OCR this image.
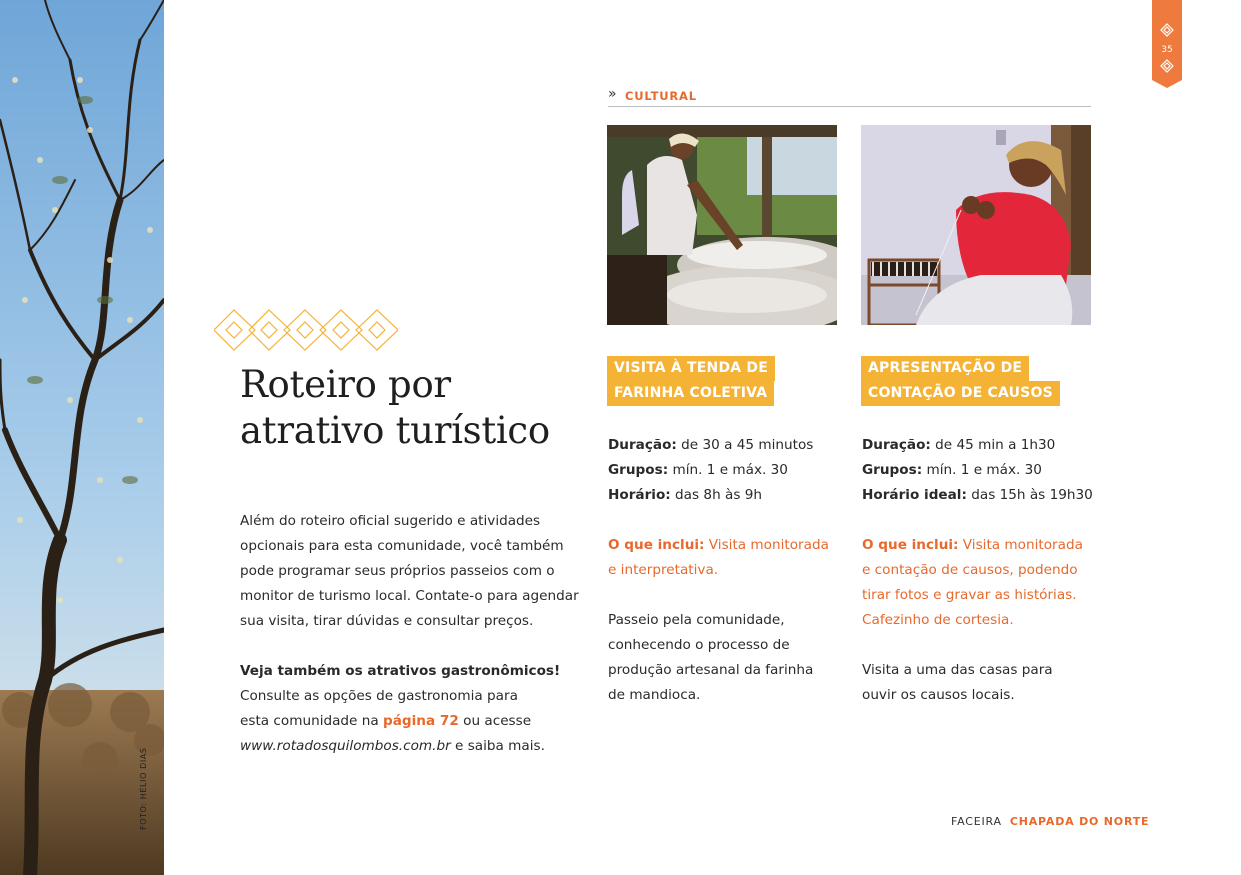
FOTO: HÉLIO DIAS
35
Roteiro por
atrativo turístico

Além do roteiro oficial sugerido e atividades

opcionais para esta comunidade, você também

pode programar seus próprios passeios com o

monitor de turismo local. Contate-o para agendar

sua visita, tirar dúvidas e consultar preços.

Veja também os atrativos gastronômicos!

Consulte as opções de gastronomia para

esta comunidade na página 72 ou acesse

www.rotadosquilombos.com.br e saiba mais.

» CULTURAL
VISITA À TENDA DE
FARINHA COLETIVA
APRESENTAÇÃO DE
CONTAÇÃO DE CAUSOS

Duração: de 30 a 45 minutos

Grupos: mín. 1 e máx. 30

Horário: das 8h às 9h

O que inclui: Visita monitorada

e interpretativa.

Passeio pela comunidade,

conhecendo o processo de

produção artesanal da farinha

de mandioca.

Duração: de 45 min a 1h30

Grupos: mín. 1 e máx. 30

Horário ideal: das 15h às 19h30

O que inclui: Visita monitorada

e contação de causos, podendo

tirar fotos e gravar as histórias.

Cafezinho de cortesia.

Visita a uma das casas para

ouvir os causos locais.

FACEIRA CHAPADA DO NORTE
